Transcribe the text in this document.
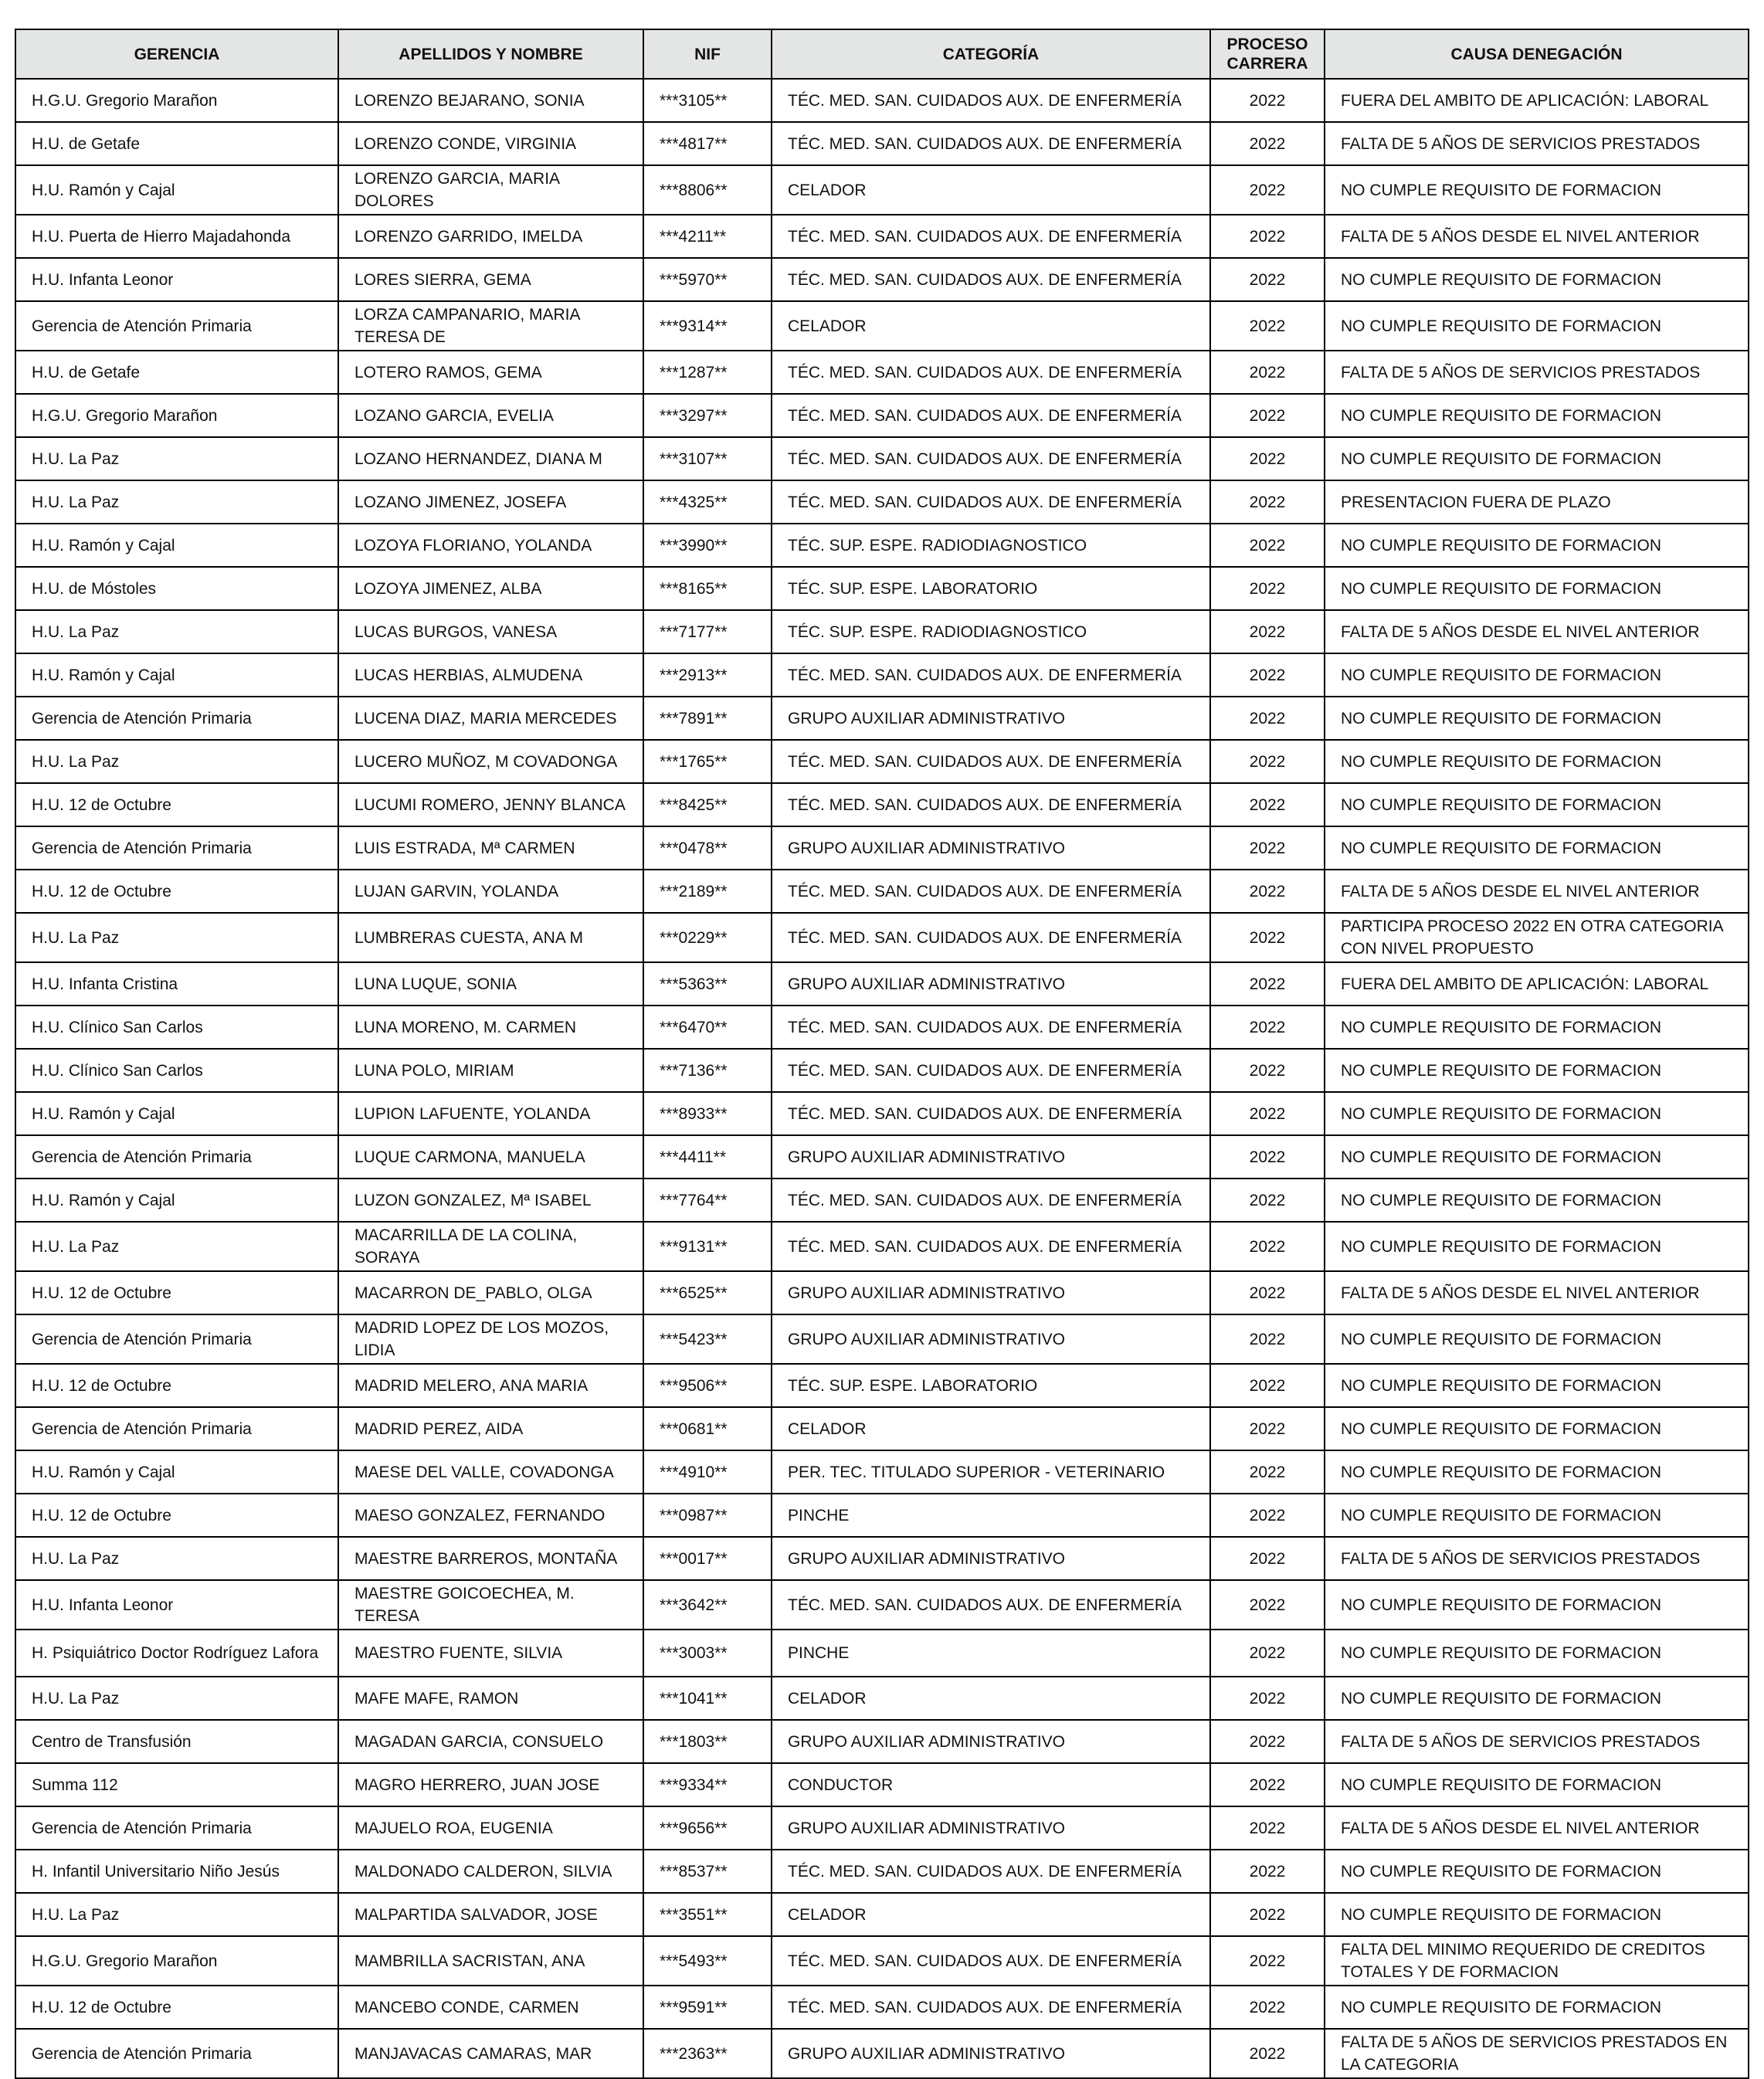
GERENCIA	APELLIDOS Y NOMBRE	NIF	CATEGORÍA	PROCESO CARRERA	CAUSA DENEGACIÓN
H.G.U. Gregorio Marañon	LORENZO BEJARANO, SONIA	***3105**	TÉC. MED. SAN. CUIDADOS AUX. DE ENFERMERÍA	2022	FUERA DEL AMBITO DE APLICACIÓN: LABORAL
H.U. de Getafe	LORENZO CONDE, VIRGINIA	***4817**	TÉC. MED. SAN. CUIDADOS AUX. DE ENFERMERÍA	2022	FALTA DE 5 AÑOS DE SERVICIOS PRESTADOS
H.U. Ramón y Cajal	LORENZO GARCIA, MARIA DOLORES	***8806**	CELADOR	2022	NO CUMPLE REQUISITO DE FORMACION
H.U. Puerta de Hierro Majadahonda	LORENZO GARRIDO, IMELDA	***4211**	TÉC. MED. SAN. CUIDADOS AUX. DE ENFERMERÍA	2022	FALTA DE 5 AÑOS DESDE EL NIVEL ANTERIOR
H.U. Infanta Leonor	LORES SIERRA, GEMA	***5970**	TÉC. MED. SAN. CUIDADOS AUX. DE ENFERMERÍA	2022	NO CUMPLE REQUISITO DE FORMACION
Gerencia de Atención Primaria	LORZA CAMPANARIO, MARIA TERESA DE	***9314**	CELADOR	2022	NO CUMPLE REQUISITO DE FORMACION
H.U. de Getafe	LOTERO RAMOS, GEMA	***1287**	TÉC. MED. SAN. CUIDADOS AUX. DE ENFERMERÍA	2022	FALTA DE 5 AÑOS DE SERVICIOS PRESTADOS
H.G.U. Gregorio Marañon	LOZANO GARCIA, EVELIA	***3297**	TÉC. MED. SAN. CUIDADOS AUX. DE ENFERMERÍA	2022	NO CUMPLE REQUISITO DE FORMACION
H.U. La Paz	LOZANO HERNANDEZ, DIANA M	***3107**	TÉC. MED. SAN. CUIDADOS AUX. DE ENFERMERÍA	2022	NO CUMPLE REQUISITO DE FORMACION
H.U. La Paz	LOZANO JIMENEZ, JOSEFA	***4325**	TÉC. MED. SAN. CUIDADOS AUX. DE ENFERMERÍA	2022	PRESENTACION FUERA DE PLAZO
H.U. Ramón y Cajal	LOZOYA FLORIANO, YOLANDA	***3990**	TÉC. SUP. ESPE. RADIODIAGNOSTICO	2022	NO CUMPLE REQUISITO DE FORMACION
H.U. de Móstoles	LOZOYA JIMENEZ, ALBA	***8165**	TÉC. SUP. ESPE. LABORATORIO	2022	NO CUMPLE REQUISITO DE FORMACION
H.U. La Paz	LUCAS BURGOS, VANESA	***7177**	TÉC. SUP. ESPE. RADIODIAGNOSTICO	2022	FALTA DE 5 AÑOS DESDE EL NIVEL ANTERIOR
H.U. Ramón y Cajal	LUCAS HERBIAS, ALMUDENA	***2913**	TÉC. MED. SAN. CUIDADOS AUX. DE ENFERMERÍA	2022	NO CUMPLE REQUISITO DE FORMACION
Gerencia de Atención Primaria	LUCENA DIAZ, MARIA MERCEDES	***7891**	GRUPO AUXILIAR ADMINISTRATIVO	2022	NO CUMPLE REQUISITO DE FORMACION
H.U. La Paz	LUCERO MUÑOZ, M COVADONGA	***1765**	TÉC. MED. SAN. CUIDADOS AUX. DE ENFERMERÍA	2022	NO CUMPLE REQUISITO DE FORMACION
H.U. 12 de Octubre	LUCUMI ROMERO, JENNY BLANCA	***8425**	TÉC. MED. SAN. CUIDADOS AUX. DE ENFERMERÍA	2022	NO CUMPLE REQUISITO DE FORMACION
Gerencia de Atención Primaria	LUIS ESTRADA, Mª CARMEN	***0478**	GRUPO AUXILIAR ADMINISTRATIVO	2022	NO CUMPLE REQUISITO DE FORMACION
H.U. 12 de Octubre	LUJAN GARVIN, YOLANDA	***2189**	TÉC. MED. SAN. CUIDADOS AUX. DE ENFERMERÍA	2022	FALTA DE 5 AÑOS DESDE EL NIVEL ANTERIOR
H.U. La Paz	LUMBRERAS CUESTA, ANA M	***0229**	TÉC. MED. SAN. CUIDADOS AUX. DE ENFERMERÍA	2022	PARTICIPA PROCESO 2022 EN OTRA CATEGORIA CON NIVEL PROPUESTO
H.U. Infanta Cristina	LUNA LUQUE, SONIA	***5363**	GRUPO AUXILIAR ADMINISTRATIVO	2022	FUERA DEL AMBITO DE APLICACIÓN: LABORAL
H.U. Clínico San Carlos	LUNA MORENO, M. CARMEN	***6470**	TÉC. MED. SAN. CUIDADOS AUX. DE ENFERMERÍA	2022	NO CUMPLE REQUISITO DE FORMACION
H.U. Clínico San Carlos	LUNA POLO, MIRIAM	***7136**	TÉC. MED. SAN. CUIDADOS AUX. DE ENFERMERÍA	2022	NO CUMPLE REQUISITO DE FORMACION
H.U. Ramón y Cajal	LUPION LAFUENTE, YOLANDA	***8933**	TÉC. MED. SAN. CUIDADOS AUX. DE ENFERMERÍA	2022	NO CUMPLE REQUISITO DE FORMACION
Gerencia de Atención Primaria	LUQUE CARMONA, MANUELA	***4411**	GRUPO AUXILIAR ADMINISTRATIVO	2022	NO CUMPLE REQUISITO DE FORMACION
H.U. Ramón y Cajal	LUZON GONZALEZ, Mª ISABEL	***7764**	TÉC. MED. SAN. CUIDADOS AUX. DE ENFERMERÍA	2022	NO CUMPLE REQUISITO DE FORMACION
H.U. La Paz	MACARRILLA DE LA COLINA, SORAYA	***9131**	TÉC. MED. SAN. CUIDADOS AUX. DE ENFERMERÍA	2022	NO CUMPLE REQUISITO DE FORMACION
H.U. 12 de Octubre	MACARRON DE_PABLO, OLGA	***6525**	GRUPO AUXILIAR ADMINISTRATIVO	2022	FALTA DE 5 AÑOS DESDE EL NIVEL ANTERIOR
Gerencia de Atención Primaria	MADRID LOPEZ DE LOS MOZOS, LIDIA	***5423**	GRUPO AUXILIAR ADMINISTRATIVO	2022	NO CUMPLE REQUISITO DE FORMACION
H.U. 12 de Octubre	MADRID MELERO, ANA MARIA	***9506**	TÉC. SUP. ESPE. LABORATORIO	2022	NO CUMPLE REQUISITO DE FORMACION
Gerencia de Atención Primaria	MADRID PEREZ, AIDA	***0681**	CELADOR	2022	NO CUMPLE REQUISITO DE FORMACION
H.U. Ramón y Cajal	MAESE DEL VALLE, COVADONGA	***4910**	PER. TEC. TITULADO SUPERIOR - VETERINARIO	2022	NO CUMPLE REQUISITO DE FORMACION
H.U. 12 de Octubre	MAESO GONZALEZ, FERNANDO	***0987**	PINCHE	2022	NO CUMPLE REQUISITO DE FORMACION
H.U. La Paz	MAESTRE BARREROS, MONTAÑA	***0017**	GRUPO AUXILIAR ADMINISTRATIVO	2022	FALTA DE 5 AÑOS DE SERVICIOS PRESTADOS
H.U. Infanta Leonor	MAESTRE GOICOECHEA, M. TERESA	***3642**	TÉC. MED. SAN. CUIDADOS AUX. DE ENFERMERÍA	2022	NO CUMPLE REQUISITO DE FORMACION
H. Psiquiátrico Doctor Rodríguez Lafora	MAESTRO FUENTE, SILVIA	***3003**	PINCHE	2022	NO CUMPLE REQUISITO DE FORMACION
H.U. La Paz	MAFE MAFE, RAMON	***1041**	CELADOR	2022	NO CUMPLE REQUISITO DE FORMACION
Centro de Transfusión	MAGADAN GARCIA, CONSUELO	***1803**	GRUPO AUXILIAR ADMINISTRATIVO	2022	FALTA DE 5 AÑOS DE SERVICIOS PRESTADOS
Summa 112	MAGRO HERRERO, JUAN JOSE	***9334**	CONDUCTOR	2022	NO CUMPLE REQUISITO DE FORMACION
Gerencia de Atención Primaria	MAJUELO ROA, EUGENIA	***9656**	GRUPO AUXILIAR ADMINISTRATIVO	2022	FALTA DE 5 AÑOS DESDE EL NIVEL ANTERIOR
H. Infantil Universitario Niño Jesús	MALDONADO CALDERON, SILVIA	***8537**	TÉC. MED. SAN. CUIDADOS AUX. DE ENFERMERÍA	2022	NO CUMPLE REQUISITO DE FORMACION
H.U. La Paz	MALPARTIDA SALVADOR, JOSE	***3551**	CELADOR	2022	NO CUMPLE REQUISITO DE FORMACION
H.G.U. Gregorio Marañon	MAMBRILLA SACRISTAN, ANA	***5493**	TÉC. MED. SAN. CUIDADOS AUX. DE ENFERMERÍA	2022	FALTA DEL MINIMO REQUERIDO DE CREDITOS TOTALES Y DE FORMACION
H.U. 12 de Octubre	MANCEBO CONDE, CARMEN	***9591**	TÉC. MED. SAN. CUIDADOS AUX. DE ENFERMERÍA	2022	NO CUMPLE REQUISITO DE FORMACION
Gerencia de Atención Primaria	MANJAVACAS CAMARAS, MAR	***2363**	GRUPO AUXILIAR ADMINISTRATIVO	2022	FALTA DE 5 AÑOS DE SERVICIOS PRESTADOS EN LA CATEGORIA
